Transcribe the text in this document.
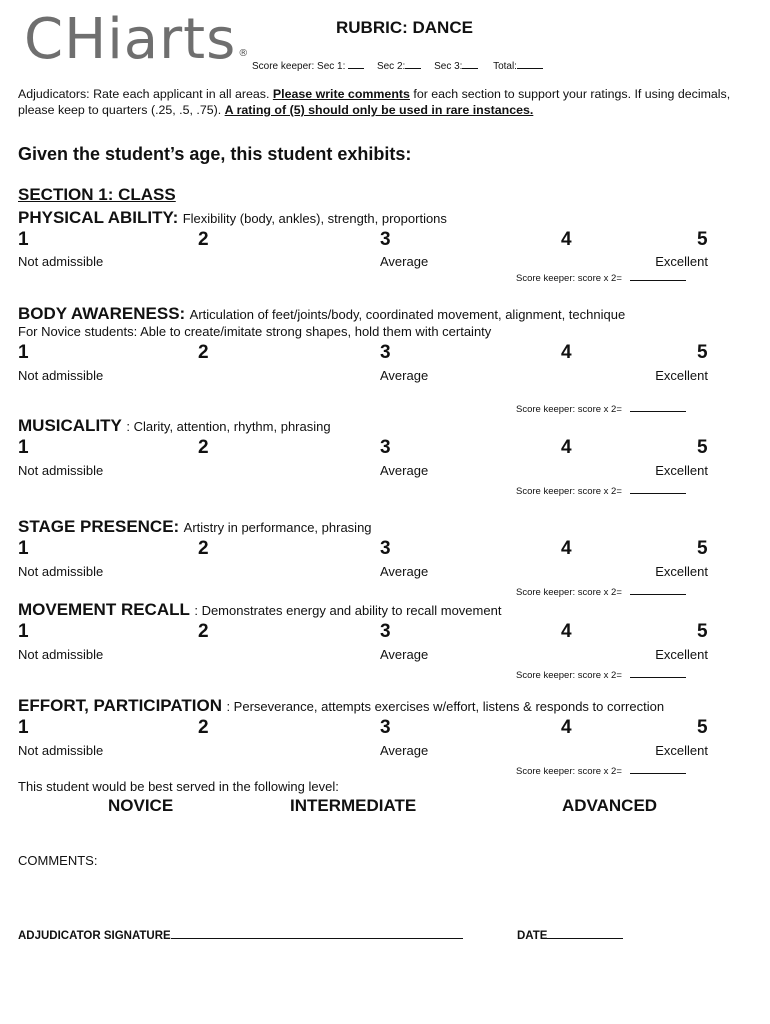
CHiarts ®
RUBRIC: DANCE
Score keeper: Sec 1:	Sec 2:	Sec 3:	Total:
Adjudicators: Rate each applicant in all areas. Please write comments for each section to support your ratings. If using decimals, please keep to quarters (.25, .5, .75). A rating of (5) should only be used in rare instances.
Given the student’s age, this student exhibits:
SECTION 1: CLASS
PHYSICAL ABILITY: Flexibility (body, ankles), strength, proportions
1	2	3	4	5
Not admissible	Average	Excellent
Score keeper: score x 2=
BODY AWARENESS: Articulation of feet/joints/body, coordinated movement, alignment, technique
For Novice students: Able to create/imitate strong shapes, hold them with certainty
1	2	3	4	5
Not admissible	Average	Excellent
Score keeper: score x 2=
MUSICALITY : Clarity, attention, rhythm, phrasing
1	2	3	4	5
Not admissible	Average	Excellent
Score keeper: score x 2=
STAGE PRESENCE: Artistry in performance, phrasing
1	2	3	4	5
Not admissible	Average	Excellent
Score keeper: score x 2=
MOVEMENT RECALL : Demonstrates energy and ability to recall movement
1	2	3	4	5
Not admissible	Average	Excellent
Score keeper: score x 2=
EFFORT, PARTICIPATION : Perseverance, attempts exercises w/effort, listens & responds to correction
1	2	3	4	5
Not admissible	Average	Excellent
Score keeper: score x 2=
This student would be best served in the following level:
NOVICE	INTERMEDIATE	ADVANCED
COMMENTS:
ADJUDICATOR SIGNATURE	DATE
